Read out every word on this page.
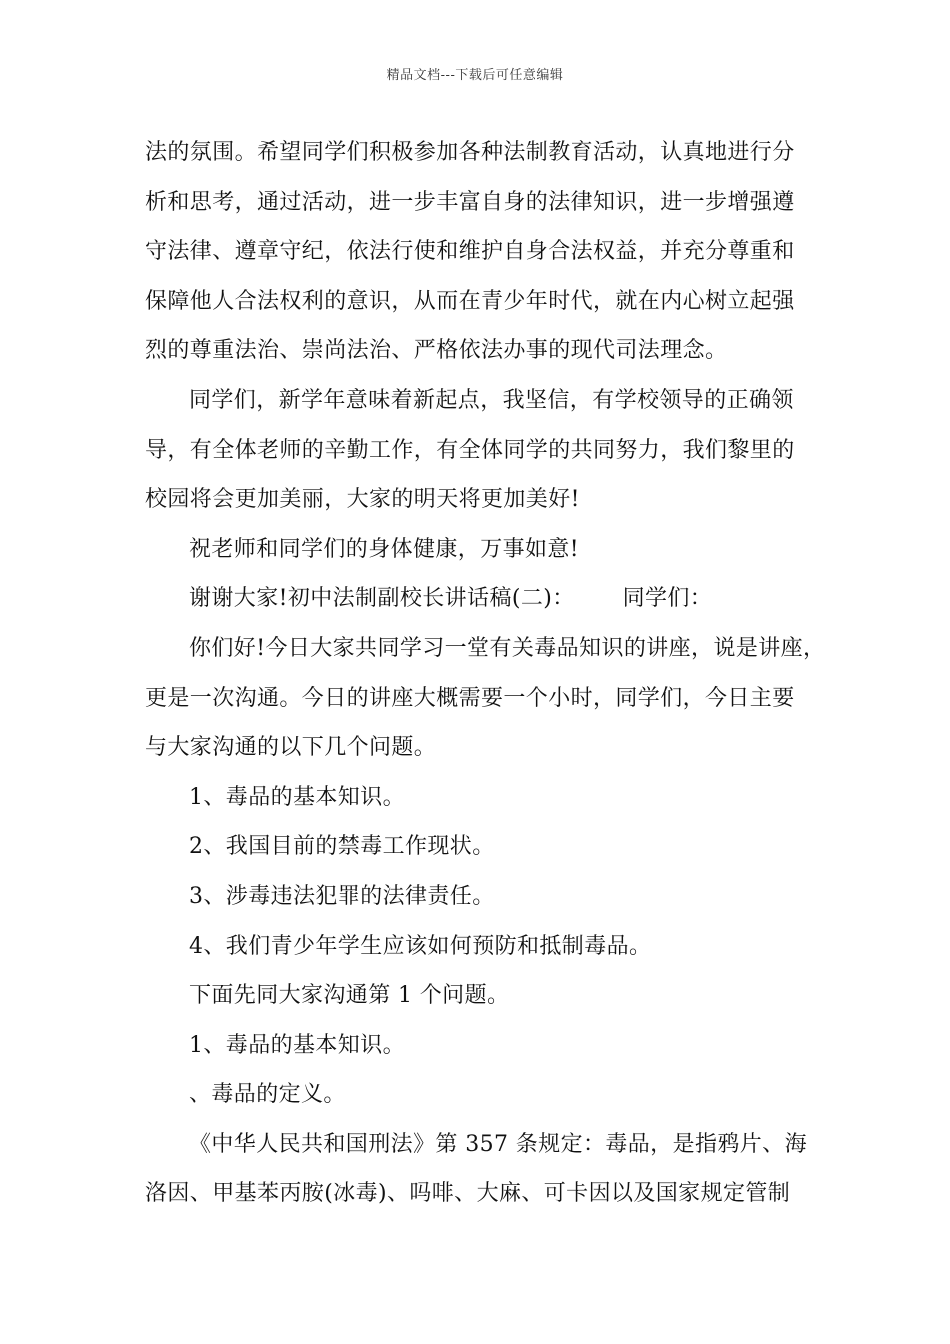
精品文档---下载后可任意编辑
法的氛围。希望同学们积极参加各种法制教育活动，认真地进行分
析和思考，通过活动，进一步丰富自身的法律知识，进一步增强遵
守法律、遵章守纪，依法行使和维护自身合法权益，并充分尊重和
保障他人合法权利的意识，从而在青少年时代，就在内心树立起强
烈的尊重法治、崇尚法治、严格依法办事的现代司法理念。
同学们，新学年意味着新起点，我坚信，有学校领导的正确领
导，有全体老师的辛勤工作，有全体同学的共同努力，我们黎里的
校园将会更加美丽，大家的明天将更加美好!
祝老师和同学们的身体健康，万事如意!
谢谢大家!初中法制副校长讲话稿(二)： 同学们：
你们好!今日大家共同学习一堂有关毒品知识的讲座，说是讲座，
更是一次沟通。今日的讲座大概需要一个小时，同学们，今日主要
与大家沟通的以下几个问题。
1、毒品的基本知识。
2、我国目前的禁毒工作现状。
3、涉毒违法犯罪的法律责任。
4、我们青少年学生应该如何预防和抵制毒品。
下面先同大家沟通第 1 个问题。
1、毒品的基本知识。
、毒品的定义。
《中华人民共和国刑法》第 357 条规定：毒品，是指鸦片、海
洛因、甲基苯丙胺(冰毒)、吗啡、大麻、可卡因以及国家规定管制
